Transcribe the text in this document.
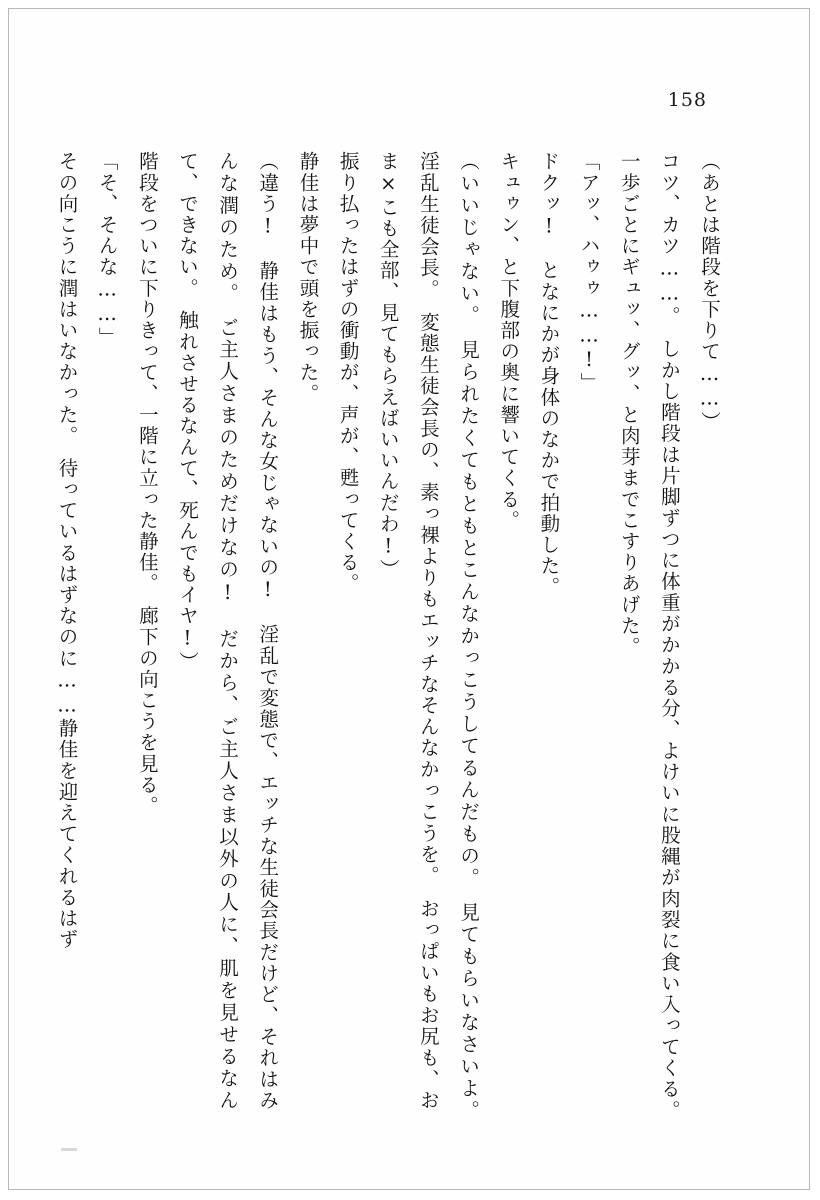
158

（あとは階段を下りて……）

コツ、カツ……。　しかし階段は片脚ずつに体重がかかる分、よけいに股縄が肉裂に食い入ってくる。　一歩ごとにギュッ、グッ、と肉芽までこすりあげた。

「アッ、ハゥゥ……!」

ドクッ!　となにかが身体のなかで拍動した。

キュゥン、と下腹部の奥に響いてくる。

（いいじゃない。　見られたくてもともとこんなかっこうしてるんだもの。　見てもらいなさいよ。　淫乱生徒会長。　変態生徒会長の、素っ裸よりもエッチなそんなかっこうを。　おっぱいもお尻も、おま×こも全部、見てもらえばいいんだわ!）

振り払ったはずの衝動が、声が、甦ってくる。

静佳は夢中で頭を振った。

（違う!　静佳はもう、そんな女じゃないの!　淫乱で変態で、エッチな生徒会長だけど、それはみんな潤のため。　ご主人さまのためだけなの!　だから、ご主人さま以外の人に、肌を見せるなんて、できない。　触れさせるなんて、死んでもイヤ!）

階段をついに下りきって、一階に立った静佳。　廊下の向こうを見る。

「そ、そんな……」

その向こうに潤はいなかった。　待っているはずなのに……静佳を迎えてくれるはず
